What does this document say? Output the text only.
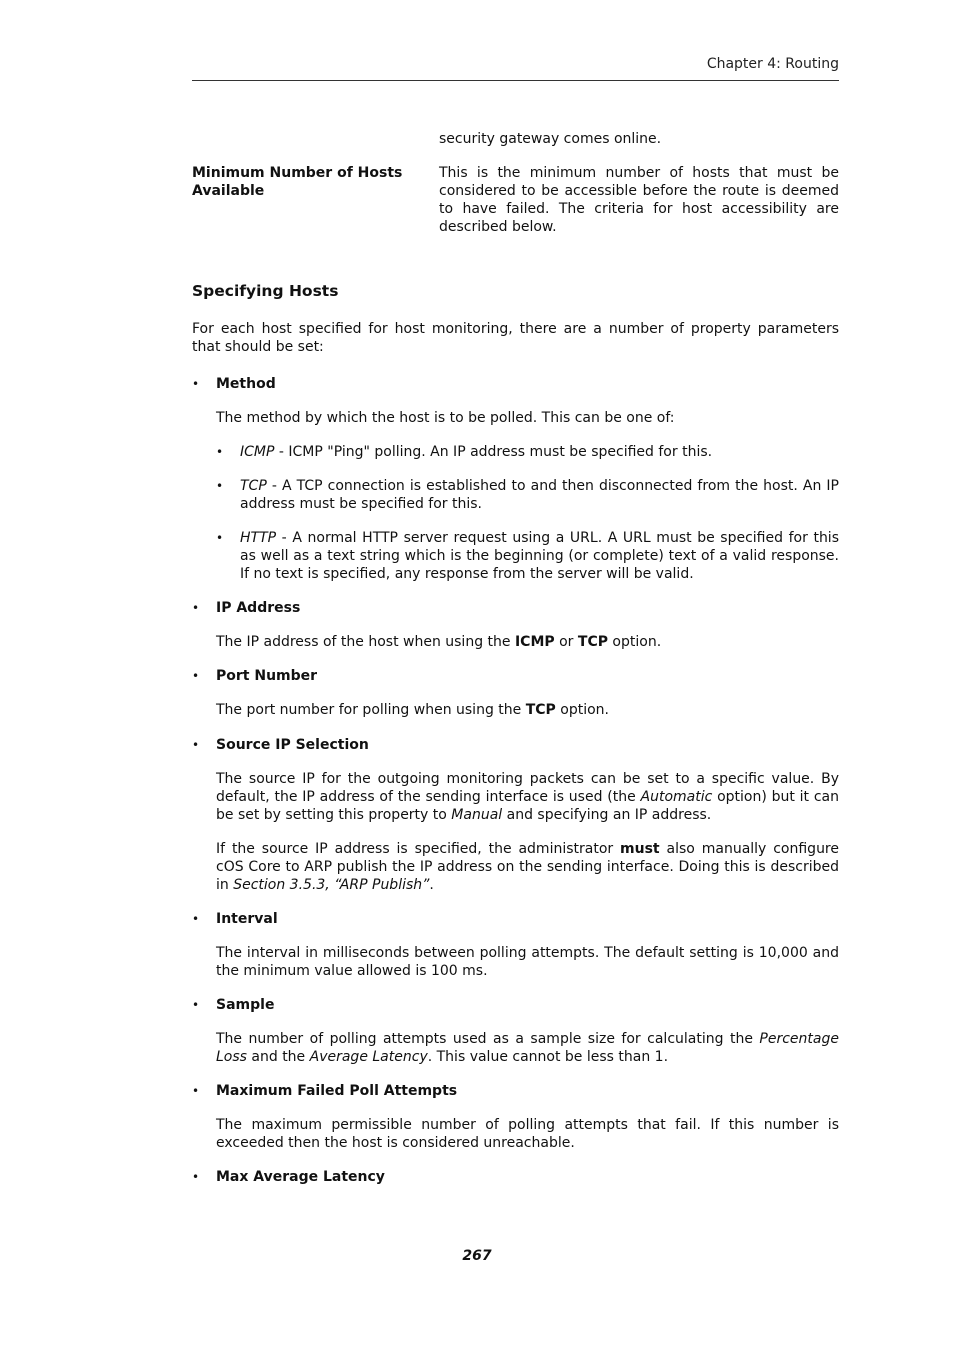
Chapter 4: Routing
security gateway comes online.
Minimum Number of Hosts Available
This is the minimum number of hosts that must be considered to be accessible before the route is deemed to have failed. The criteria for host accessibility are described below.
Specifying Hosts
For each host specified for host monitoring, there are a number of property parameters that should be set:
• Method
The method by which the host is to be polled. This can be one of:
• ICMP - ICMP "Ping" polling. An IP address must be specified for this.
• TCP - A TCP connection is established to and then disconnected from the host. An IP address must be specified for this.
• HTTP - A normal HTTP server request using a URL. A URL must be specified for this as well as a text string which is the beginning (or complete) text of a valid response. If no text is specified, any response from the server will be valid.
• IP Address
The IP address of the host when using the ICMP or TCP option.
• Port Number
The port number for polling when using the TCP option.
• Source IP Selection
The source IP for the outgoing monitoring packets can be set to a specific value. By default, the IP address of the sending interface is used (the Automatic option) but it can be set by setting this property to Manual and specifying an IP address.
If the source IP address is specified, the administrator must also manually configure cOS Core to ARP publish the IP address on the sending interface. Doing this is described in Section 3.5.3, “ARP Publish”.
• Interval
The interval in milliseconds between polling attempts. The default setting is 10,000 and the minimum value allowed is 100 ms.
• Sample
The number of polling attempts used as a sample size for calculating the Percentage Loss and the Average Latency. This value cannot be less than 1.
• Maximum Failed Poll Attempts
The maximum permissible number of polling attempts that fail. If this number is exceeded then the host is considered unreachable.
• Max Average Latency
267
